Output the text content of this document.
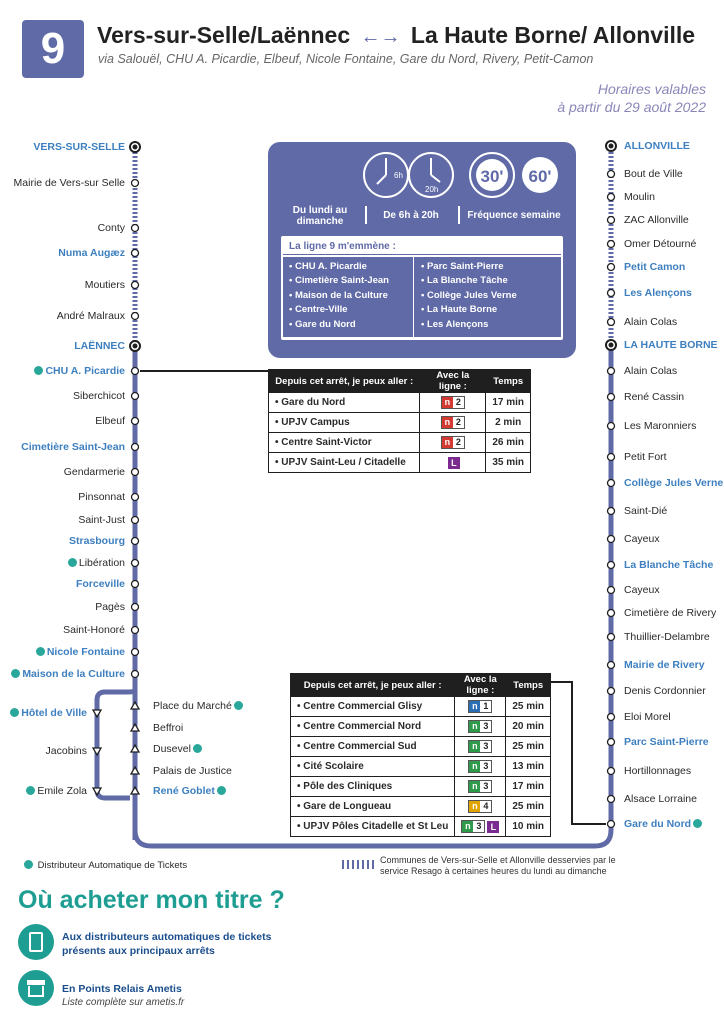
9	Vers-sur-Selle/Laënnec ←→ La Haute Borne/ Allonville
via Salouël, CHU A. Picardie, Elbeuf, Nicole Fontaine, Gare du Nord, Rivery, Petit-Camon
Horaires valables
à partir du 29 août 2022
VERS-SUR-SELLE
Mairie de Vers-sur Selle
Conty
Numa Augæz
Moutiers
André Malraux
LAËNNEC
CHU A. Picardie
Siberchicot
Elbeuf
Cimetière Saint-Jean
Gendarmerie
Pinsonnat
Saint-Just
Strasbourg
Libération
Forceville
Pagès
Saint-Honoré
Nicole Fontaine
Maison de la Culture
Hôtel de Ville
Jacobins
Emile Zola
Place du Marché
Beffroi
Dusevel
Palais de Justice
René Goblet
ALLONVILLE
Bout de Ville
Moulin
ZAC Allonville
Omer Détourné
Petit Camon
Les Alençons
Alain Colas
LA HAUTE BORNE
Alain Colas
René Cassin
Les Maronniers
Petit Fort
Collège Jules Verne
Saint-Dié
Cayeux
La Blanche Tâche
Cayeux
Cimetière de Rivery
Thuillier-Delambre
Mairie de Rivery
Denis Cordonnier
Eloi Morel
Parc Saint-Pierre
Hortillonnages
Alsace Lorraine
Gare du Nord
6h
20h
30' 60'
Du lundi au dimanche
De 6h à 20h	Fréquence semaine
La ligne 9 m'emmène :
• CHU A. Picardie
• Cimetière Saint-Jean
• Maison de la Culture
• Centre-Ville
• Gare du Nord
• Parc Saint-Pierre
• La Blanche Tâche
• Collège Jules Verne
• La Haute Borne
• Les Alençons
Depuis cet arrêt, je peux aller :	Avec la ligne :	Temps
• Gare du Nord	n 2	17 min
• UPJV Campus	n 2	2 min
• Centre Saint-Victor	n 2	26 min
• UPJV Saint-Leu / Citadelle	L	35 min
Depuis cet arrêt, je peux aller :	Avec la ligne :	Temps
• Centre Commercial Glisy	n 1	25 min
• Centre Commercial Nord	n 3	20 min
• Centre Commercial Sud	n 3	25 min
• Cité Scolaire	n 3	13 min
• Pôle des Cliniques	n 3	17 min
• Gare de Longueau	n 4	25 min
• UPJV Pôles Citadelle et St Leu	n 3 L	10 min
Distributeur Automatique de Tickets	Communes de Vers-sur-Selle et Allonville desservies par le service Resago à certaines heures du lundi au dimanche
Où acheter mon titre ?
Aux distributeurs automatiques de tickets présents aux principaux arrêts
En Points Relais Ametis
Liste complète sur ametis.fr
